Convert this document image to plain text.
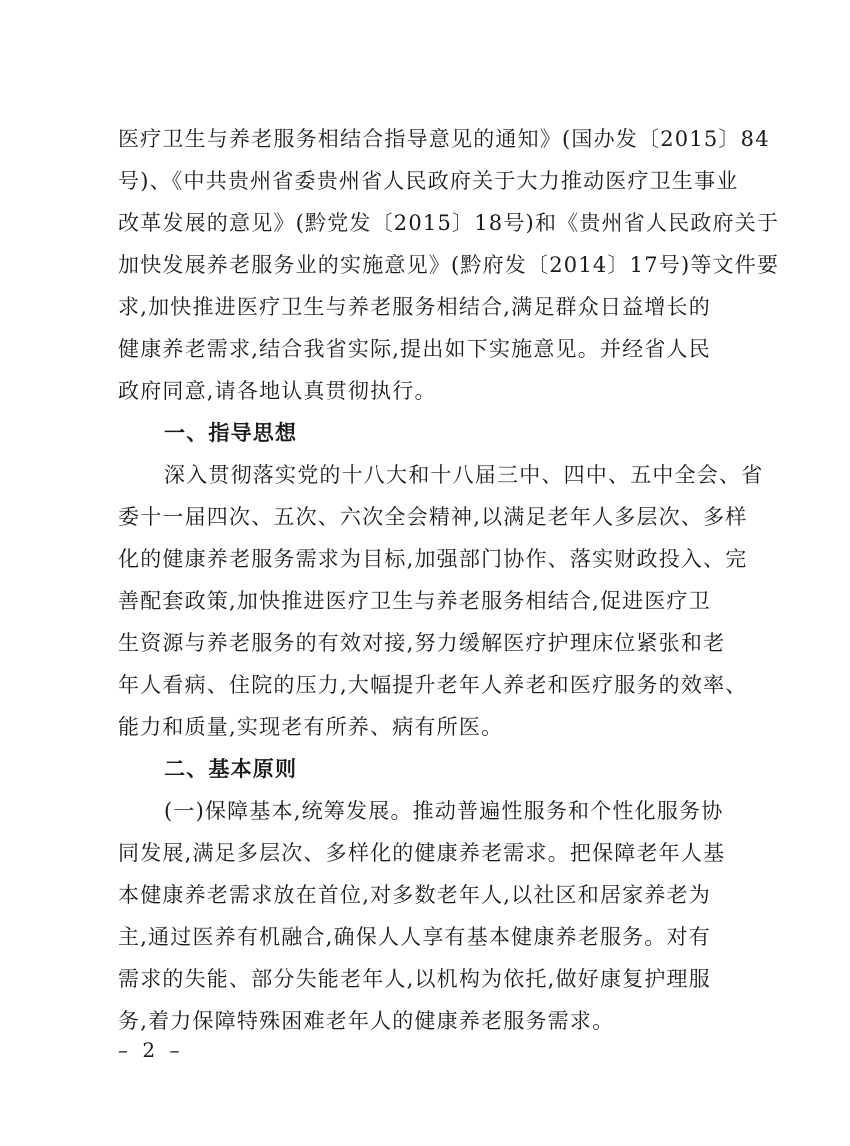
医疗卫生与养老服务相结合指导意见的通知》(国办发〔2015〕84
号)、《中共贵州省委贵州省人民政府关于大力推动医疗卫生事业
改革发展的意见》(黔党发〔2015〕18号)和《贵州省人民政府关于
加快发展养老服务业的实施意见》(黔府发〔2014〕17号)等文件要
求,加快推进医疗卫生与养老服务相结合,满足群众日益增长的
健康养老需求,结合我省实际,提出如下实施意见。并经省人民
政府同意,请各地认真贯彻执行。
一、指导思想
深入贯彻落实党的十八大和十八届三中、四中、五中全会、省
委十一届四次、五次、六次全会精神,以满足老年人多层次、多样
化的健康养老服务需求为目标,加强部门协作、落实财政投入、完
善配套政策,加快推进医疗卫生与养老服务相结合,促进医疗卫
生资源与养老服务的有效对接,努力缓解医疗护理床位紧张和老
年人看病、住院的压力,大幅提升老年人养老和医疗服务的效率、
能力和质量,实现老有所养、病有所医。
二、基本原则
(一)保障基本,统筹发展。推动普遍性服务和个性化服务协
同发展,满足多层次、多样化的健康养老需求。把保障老年人基
本健康养老需求放在首位,对多数老年人,以社区和居家养老为
主,通过医养有机融合,确保人人享有基本健康养老服务。对有
需求的失能、部分失能老年人,以机构为依托,做好康复护理服
务,着力保障特殊困难老年人的健康养老服务需求。
– 2 –
